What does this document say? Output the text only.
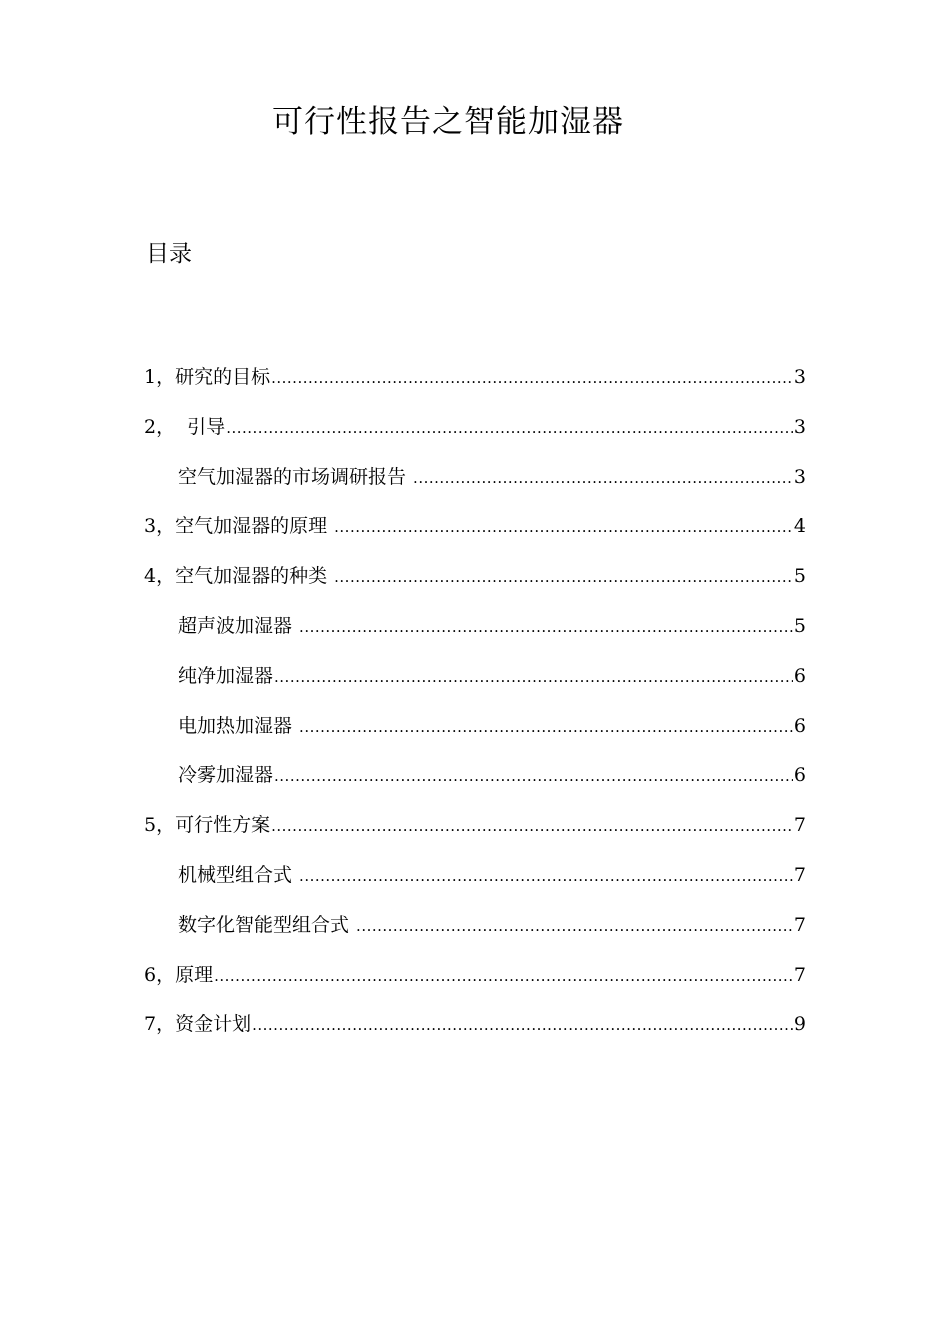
可行性报告之智能加湿器
目录
1， 研究的目标 .....	3
2， 引导 .....	3
空气加湿器的市场调研报告 .....	3
3， 空气加湿器的原理 .....	4
4， 空气加湿器的种类 .....	5
超声波加湿器 .....	5
纯净加湿器 .....	6
电加热加湿器 .....	6
冷雾加湿器 .....	6
5， 可行性方案 .....	7
机械型组合式 .....	7
数字化智能型组合式 .....	7
6， 原理 .....	7
7， 资金计划 .....	9
